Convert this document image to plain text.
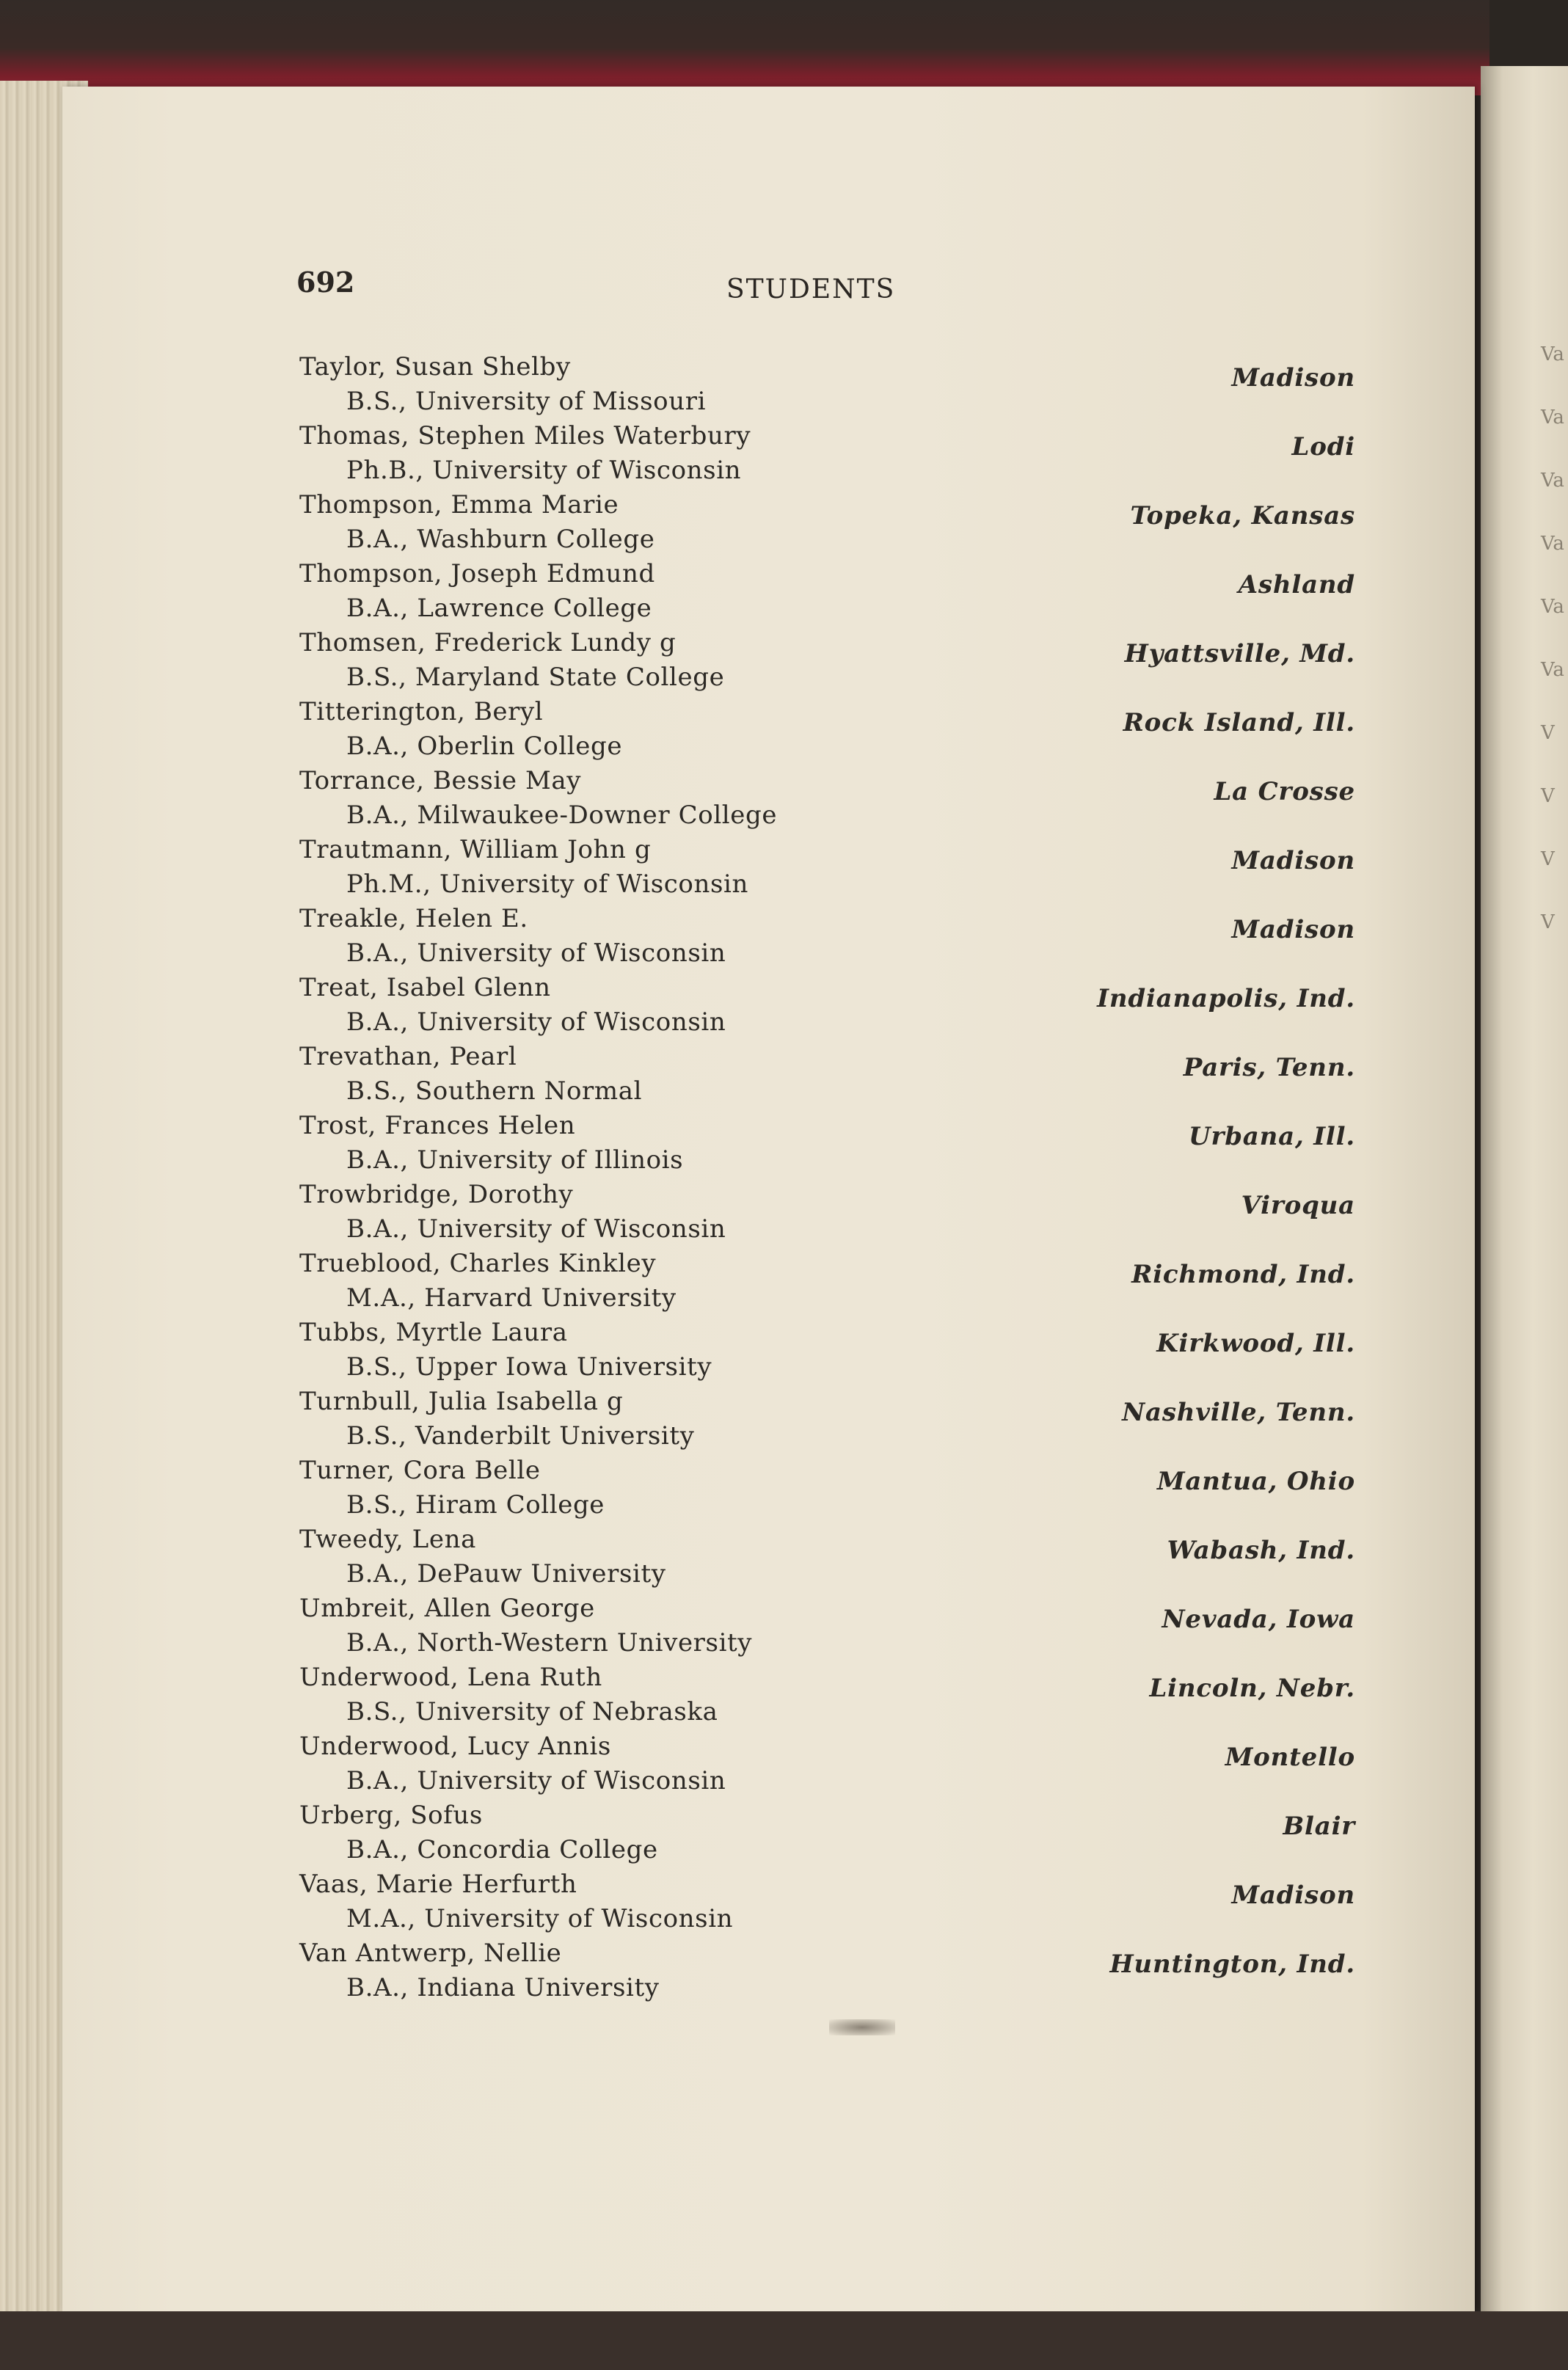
Va
Va
Va
Va
Va
Va
V
V
V
V
692	STUDENTS
Taylor, Susan Shelby
B.S., University of Missouri
Madison
Thomas, Stephen Miles Waterbury
Ph.B., University of Wisconsin
Lodi
Thompson, Emma Marie
B.A., Washburn College
Topeka, Kansas
Thompson, Joseph Edmund
B.A., Lawrence College
Ashland
Thomsen, Frederick Lundy g
B.S., Maryland State College
Hyattsville, Md.
Titterington, Beryl
B.A., Oberlin College
Rock Island, Ill.
Torrance, Bessie May
B.A., Milwaukee-Downer College
La Crosse
Trautmann, William John g
Ph.M., University of Wisconsin
Madison
Treakle, Helen E.
B.A., University of Wisconsin
Madison
Treat, Isabel Glenn
B.A., University of Wisconsin
Indianapolis, Ind.
Trevathan, Pearl
B.S., Southern Normal
Paris, Tenn.
Trost, Frances Helen
B.A., University of Illinois
Urbana, Ill.
Trowbridge, Dorothy
B.A., University of Wisconsin
Viroqua
Trueblood, Charles Kinkley
M.A., Harvard University
Richmond, Ind.
Tubbs, Myrtle Laura
B.S., Upper Iowa University
Kirkwood, Ill.
Turnbull, Julia Isabella g
B.S., Vanderbilt University
Nashville, Tenn.
Turner, Cora Belle
B.S., Hiram College
Mantua, Ohio
Tweedy, Lena
B.A., DePauw University
Wabash, Ind.
Umbreit, Allen George
B.A., North-Western University
Nevada, Iowa
Underwood, Lena Ruth
B.S., University of Nebraska
Lincoln, Nebr.
Underwood, Lucy Annis
B.A., University of Wisconsin
Montello
Urberg, Sofus
B.A., Concordia College
Blair
Vaas, Marie Herfurth
M.A., University of Wisconsin
Madison
Van Antwerp, Nellie
B.A., Indiana University
Huntington, Ind.
